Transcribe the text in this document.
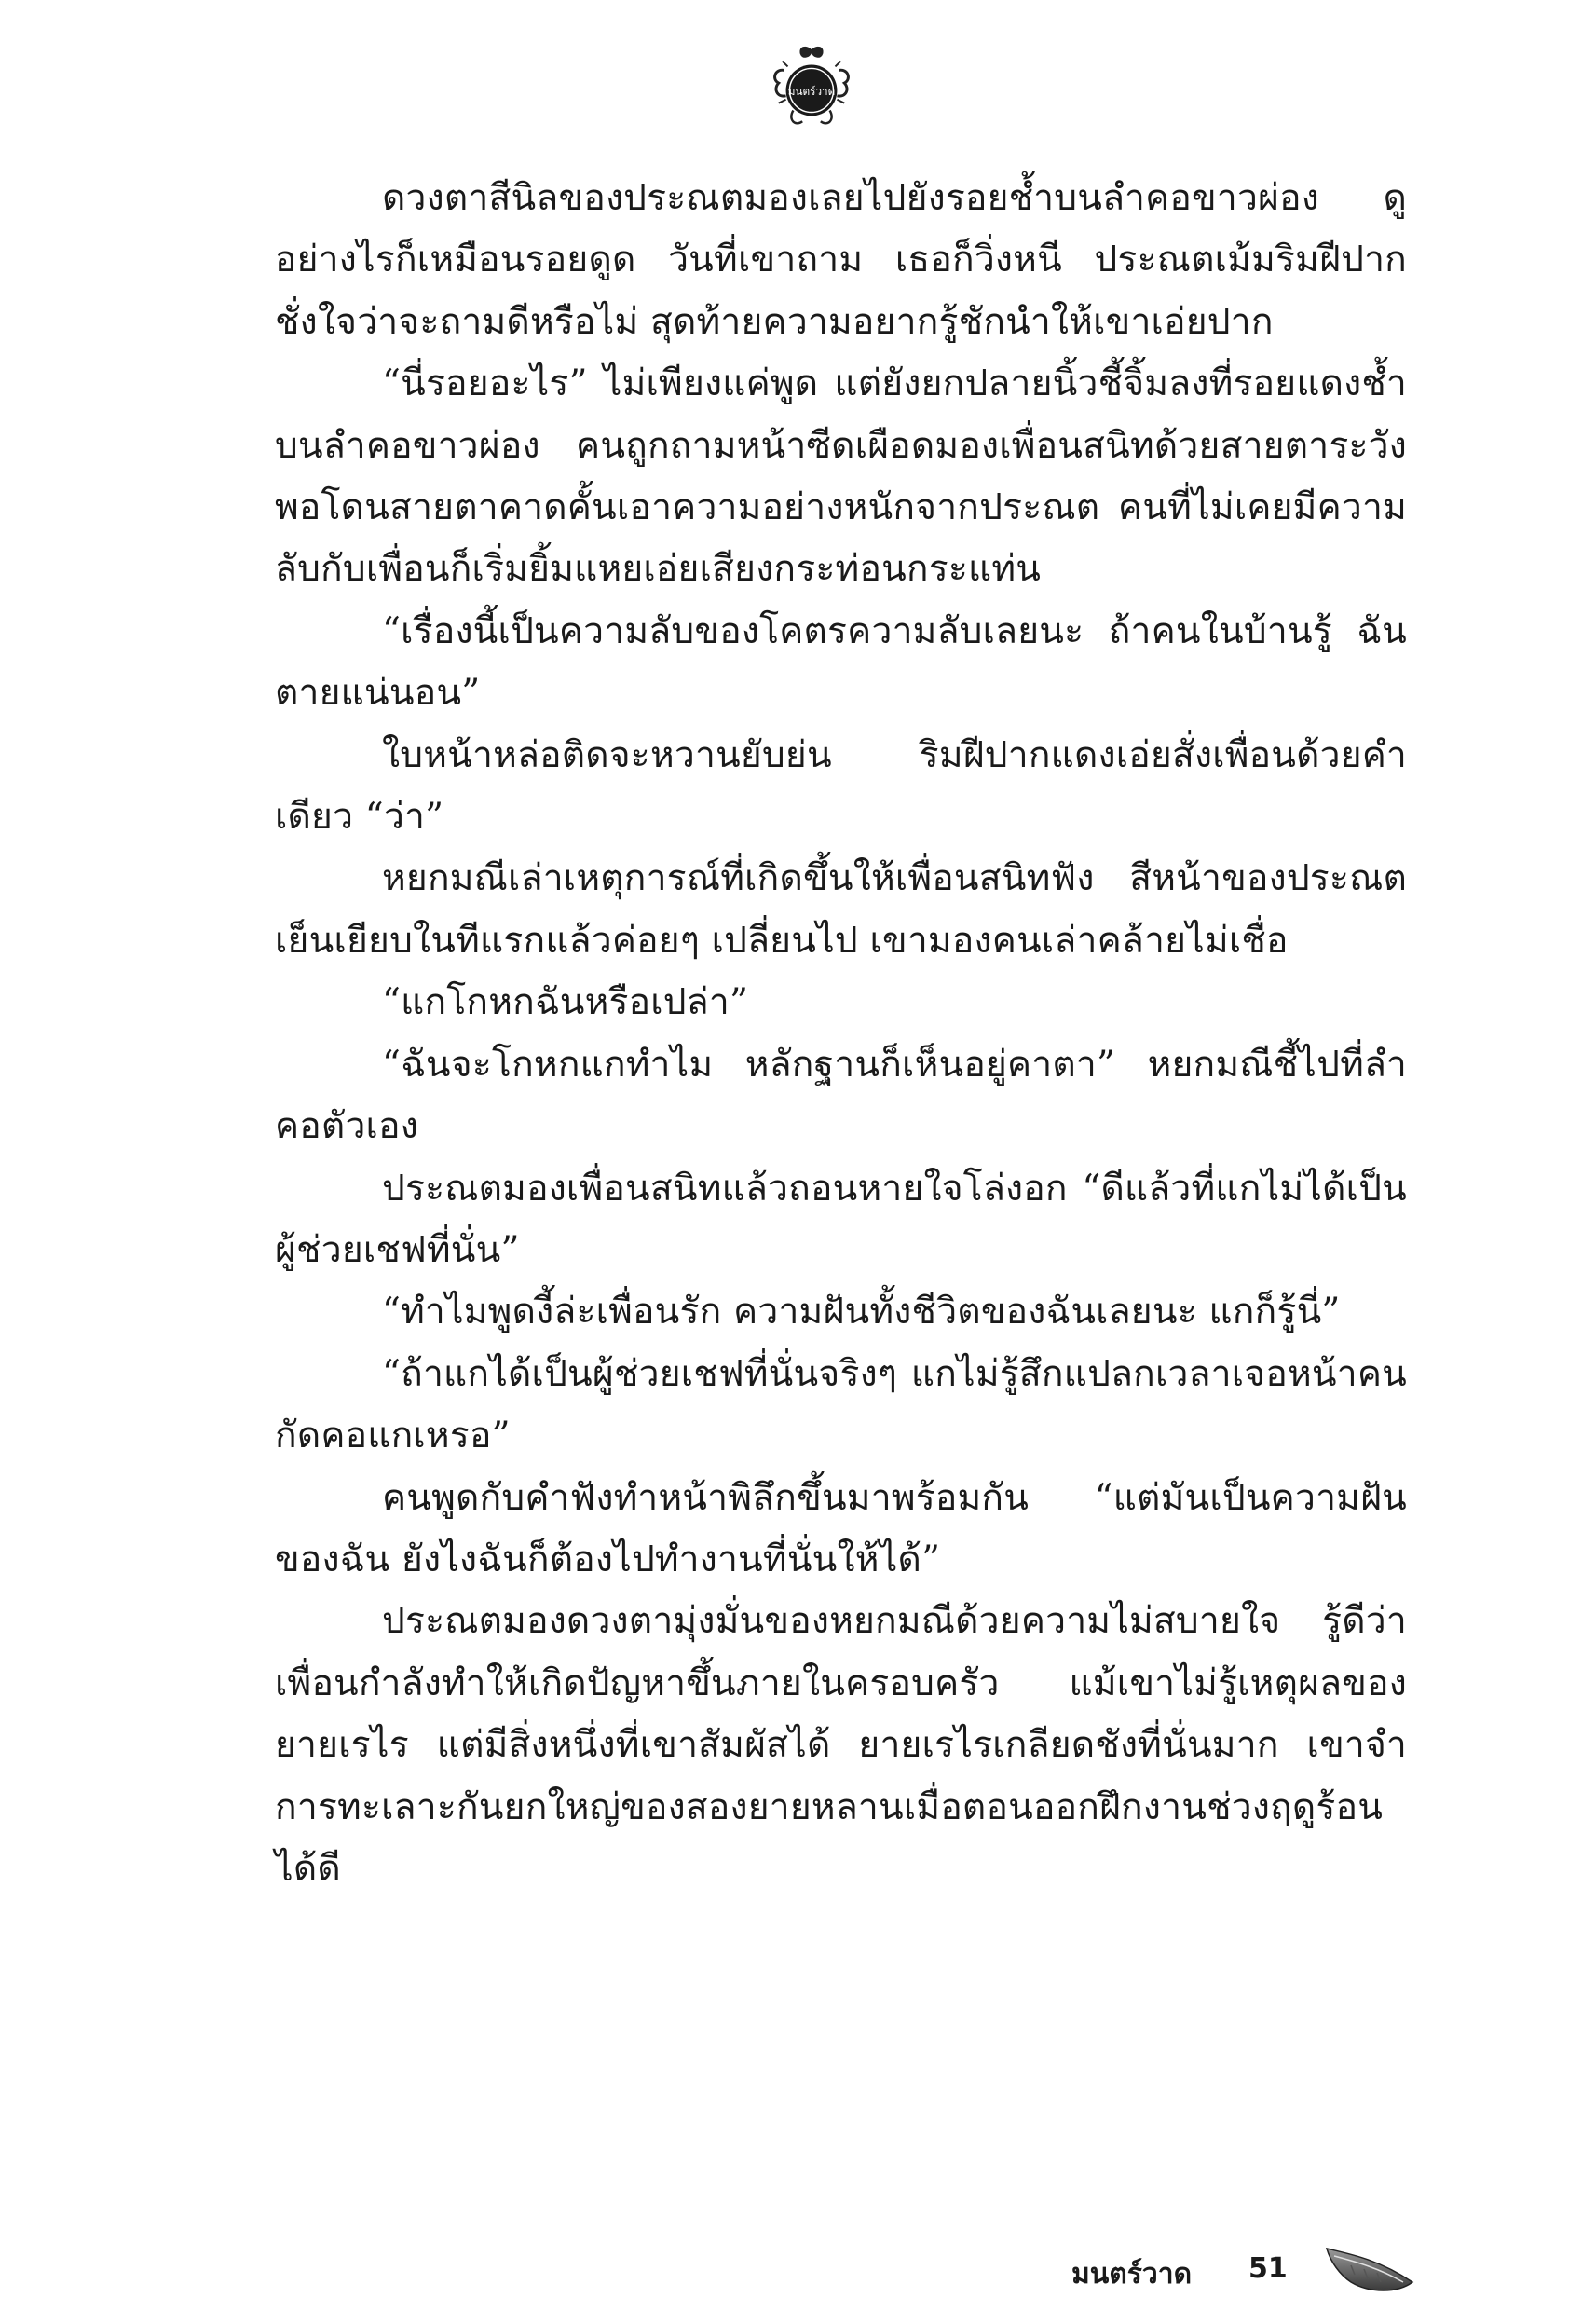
มนตร์วาด

ดวงตาสีนิลของประณตมองเลยไปยังรอยช้ำบนลำคอขาวผ่อง ดูอย่างไรก็เหมือนรอยดูด วันที่เขาถาม เธอก็วิ่งหนี ประณตเม้มริมฝีปาก ชั่งใจว่าจะถามดีหรือไม่ สุดท้ายความอยากรู้ชักนำให้เขาเอ่ยปาก

“นี่รอยอะไร” ไม่เพียงแค่พูด แต่ยังยกปลายนิ้วชี้จิ้มลงที่รอยแดงช้ำบนลำคอขาวผ่อง คนถูกถามหน้าซีดเผือดมองเพื่อนสนิทด้วยสายตาระวัง พอโดนสายตาคาดคั้นเอาความอย่างหนักจากประณต คนที่ไม่เคยมีความลับกับเพื่อนก็เริ่มยิ้มแหยเอ่ยเสียงกระท่อนกระแท่น

“เรื่องนี้เป็นความลับของโคตรความลับเลยนะ ถ้าคนในบ้านรู้ ฉันตายแน่นอน”

ใบหน้าหล่อติดจะหวานยับย่น ริมฝีปากแดงเอ่ยสั่งเพื่อนด้วยคำเดียว “ว่า”

หยกมณีเล่าเหตุการณ์ที่เกิดขึ้นให้เพื่อนสนิทฟัง สีหน้าของประณตเย็นเยียบในทีแรกแล้วค่อยๆ เปลี่ยนไป เขามองคนเล่าคล้ายไม่เชื่อ

“แกโกหกฉันหรือเปล่า”

“ฉันจะโกหกแกทำไม หลักฐานก็เห็นอยู่คาตา” หยกมณีชี้ไปที่ลำคอตัวเอง

ประณตมองเพื่อนสนิทแล้วถอนหายใจโล่งอก “ดีแล้วที่แกไม่ได้เป็นผู้ช่วยเชฟที่นั่น”

“ทำไมพูดงี้ล่ะเพื่อนรัก ความฝันทั้งชีวิตของฉันเลยนะ แกก็รู้นี่”

“ถ้าแกได้เป็นผู้ช่วยเชฟที่นั่นจริงๆ แกไม่รู้สึกแปลกเวลาเจอหน้าคนกัดคอแกเหรอ”

คนพูดกับคำฟังทำหน้าพิลึกขึ้นมาพร้อมกัน “แต่มันเป็นความฝันของฉัน ยังไงฉันก็ต้องไปทำงานที่นั่นให้ได้”

ประณตมองดวงตามุ่งมั่นของหยกมณีด้วยความไม่สบายใจ รู้ดีว่าเพื่อนกำลังทำให้เกิดปัญหาขึ้นภายในครอบครัว แม้เขาไม่รู้เหตุผลของยายเรไร แต่มีสิ่งหนึ่งที่เขาสัมผัสได้ ยายเรไรเกลียดชังที่นั่นมาก เขาจำการทะเลาะกันยกใหญ่ของสองยายหลานเมื่อตอนออกฝึกงานช่วงฤดูร้อนได้ดี

มนตร์วาด 51
